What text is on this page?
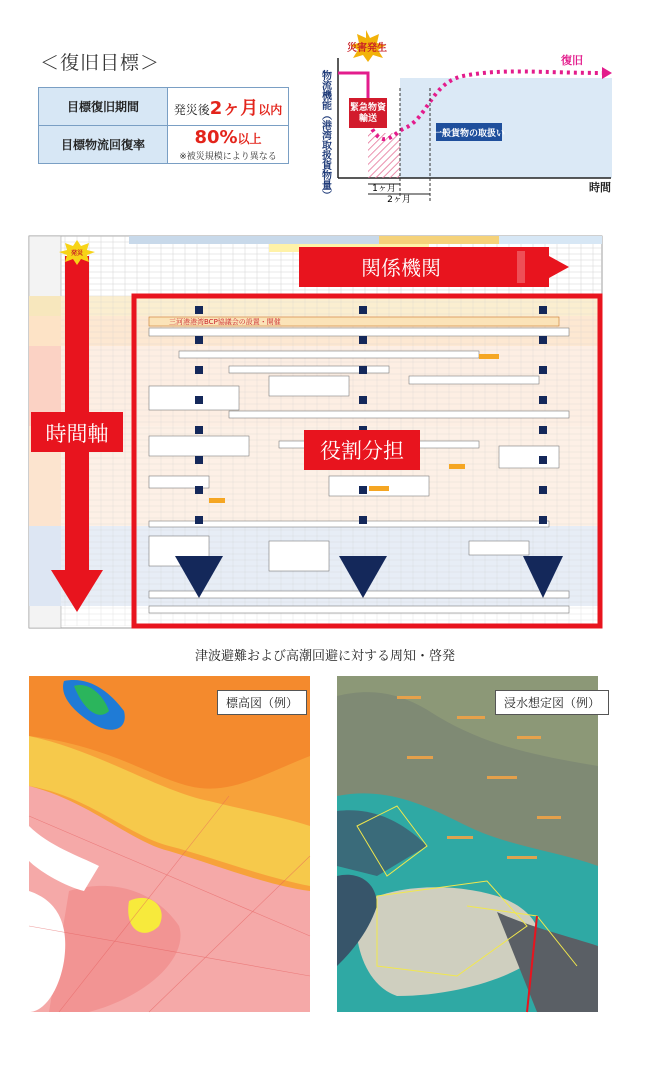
＜復旧目標＞
目標復旧期間	発災後2ヶ月以内
目標物流回復率	80%以上
※被災規模により異なる	物流機能（港湾取扱貨物量）
災害発生
緊急物資輸送
一般貨物の取扱い
復旧
1ヶ月
2ヶ月
時間
三河港港湾BCP協議会の設置・開催
時間軸
関係機関
役割分担
発災
津波避難および高潮回避に対する周知・啓発
標高図（例）	浸水想定図（例）
